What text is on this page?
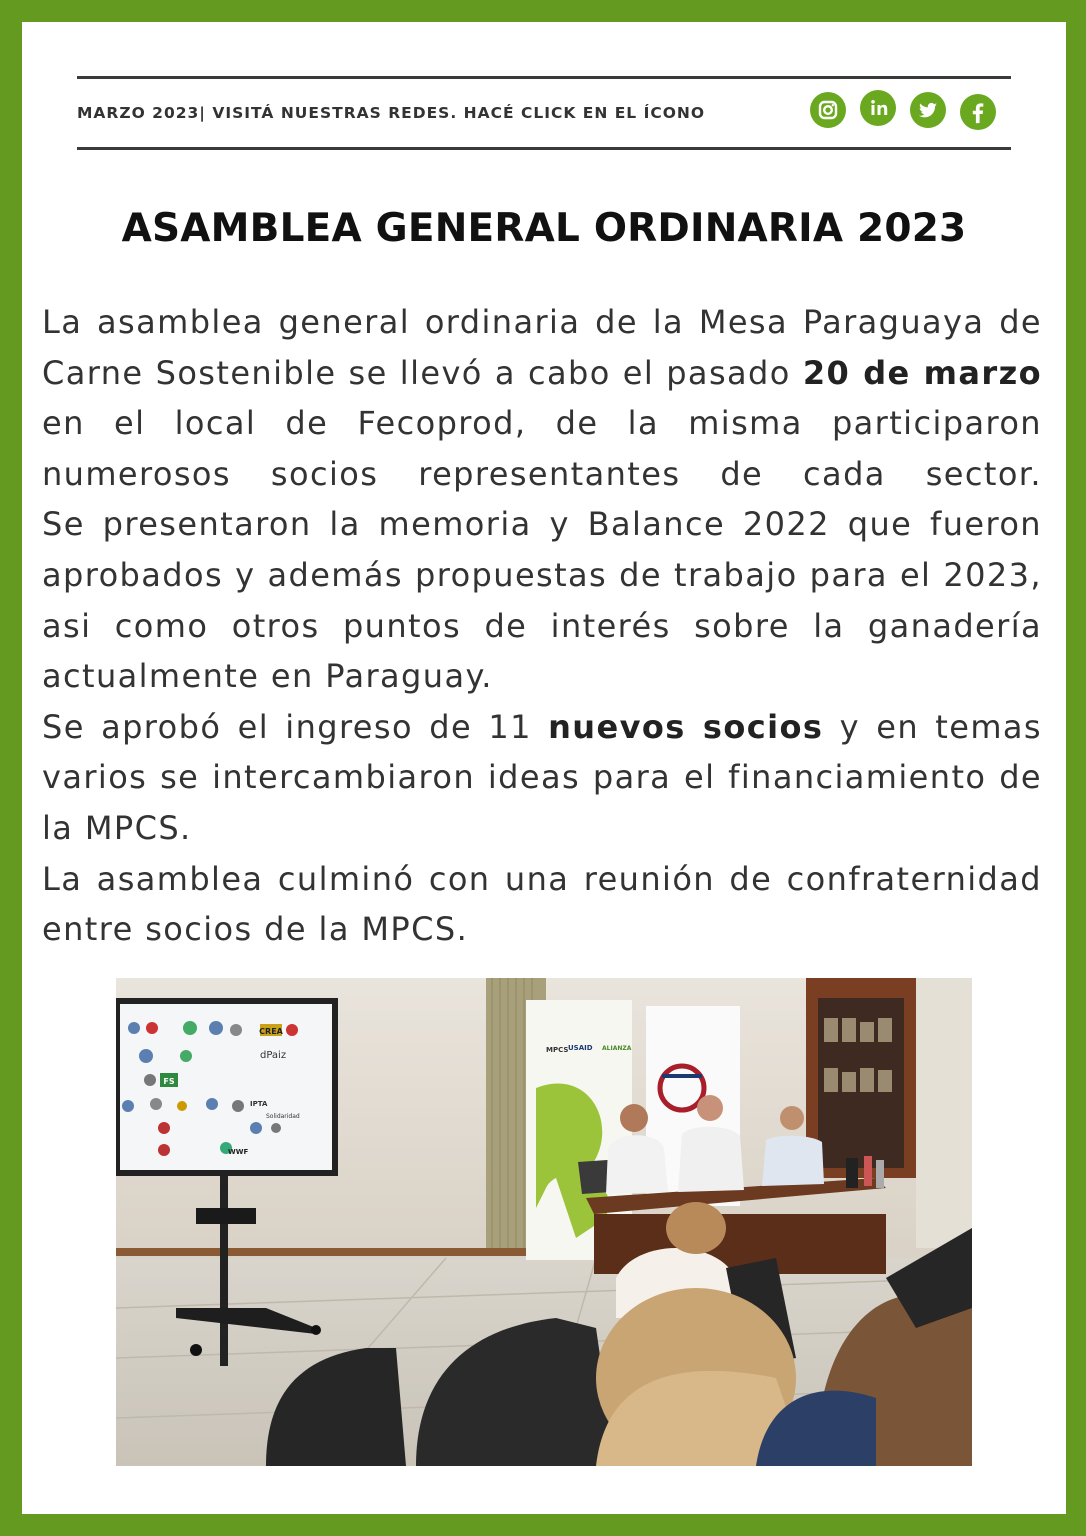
MARZO 2023| VISITÁ NUESTRAS REDES. HACÉ CLICK EN EL ÍCONO
ASAMBLEA GENERAL ORDINARIA 2023

La asamblea general ordinaria de la Mesa Paraguaya de Carne Sostenible se llevó a cabo el pasado 20 de marzo en el local de Fecoprod, de la misma participaron numerosos socios representantes de cada sector.

Se presentaron la memoria y Balance 2022 que fueron aprobados y además propuestas de trabajo para el 2023, asi como otros puntos de interés sobre la ganadería actualmente en Paraguay.

Se aprobó el ingreso de 11 nuevos socios y en temas varios se intercambiaron ideas para el financiamiento de la MPCS.

La asamblea culminó con una reunión de confraternidad entre socios de la MPCS.

CREA
dPaiz
IPTA
FS
WWF
Solidaridad
MPCS USAID ALIANZA
